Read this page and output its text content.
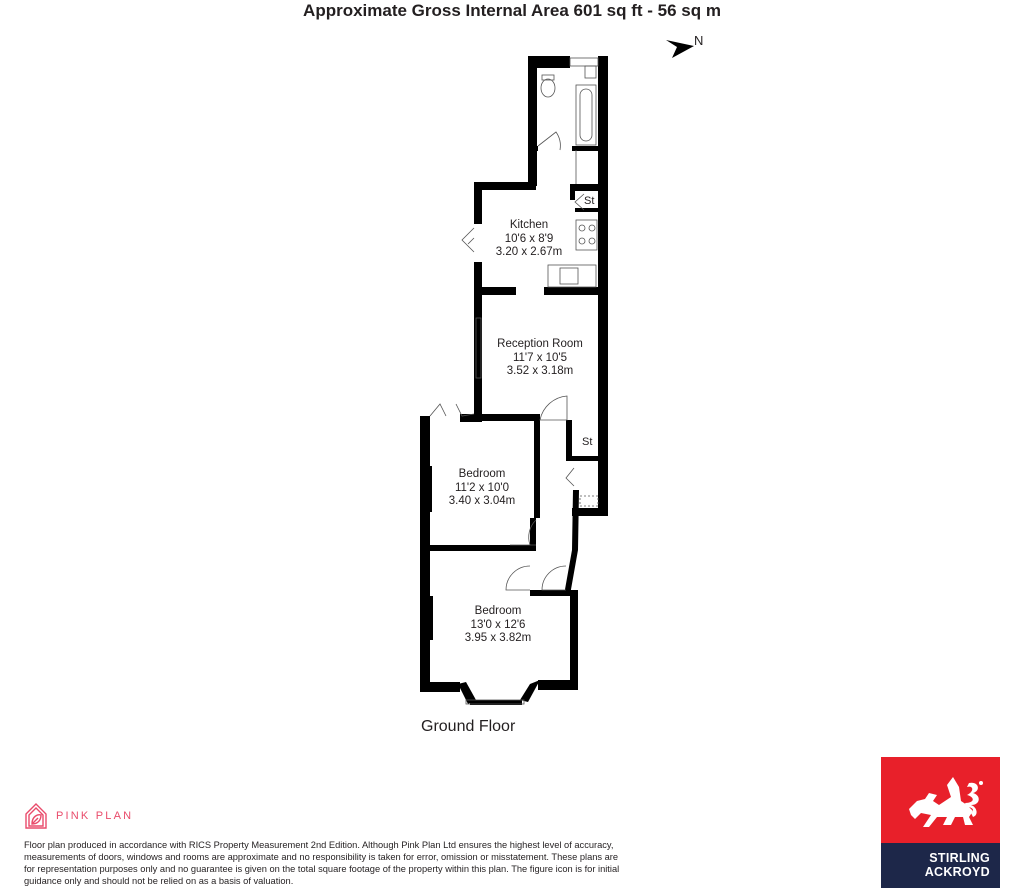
Approximate Gross Internal Area 601 sq ft - 56 sq m
N
Kitchen
10'6 x 8'9
3.20 x 2.67m
Reception Room
11'7 x 10'5
3.52 x 3.18m
Bedroom
11'2 x 10'0
3.40 x 3.04m
Bedroom
13'0 x 12'6
3.95 x 3.82m
St
St
Ground Floor
PINK PLAN
Floor plan produced in accordance with RICS Property Measurement 2nd Edition. Although Pink Plan Ltd ensures the highest level of accuracy, measurements of doors, windows and rooms are approximate and no responsibility is taken for error, omission or misstatement. These plans are for representation purposes only and no guarantee is given on the total square footage of the property within this plan. The figure icon is for initial guidance only and should not be relied on as a basis of valuation.
STIRLING
ACKROYD
